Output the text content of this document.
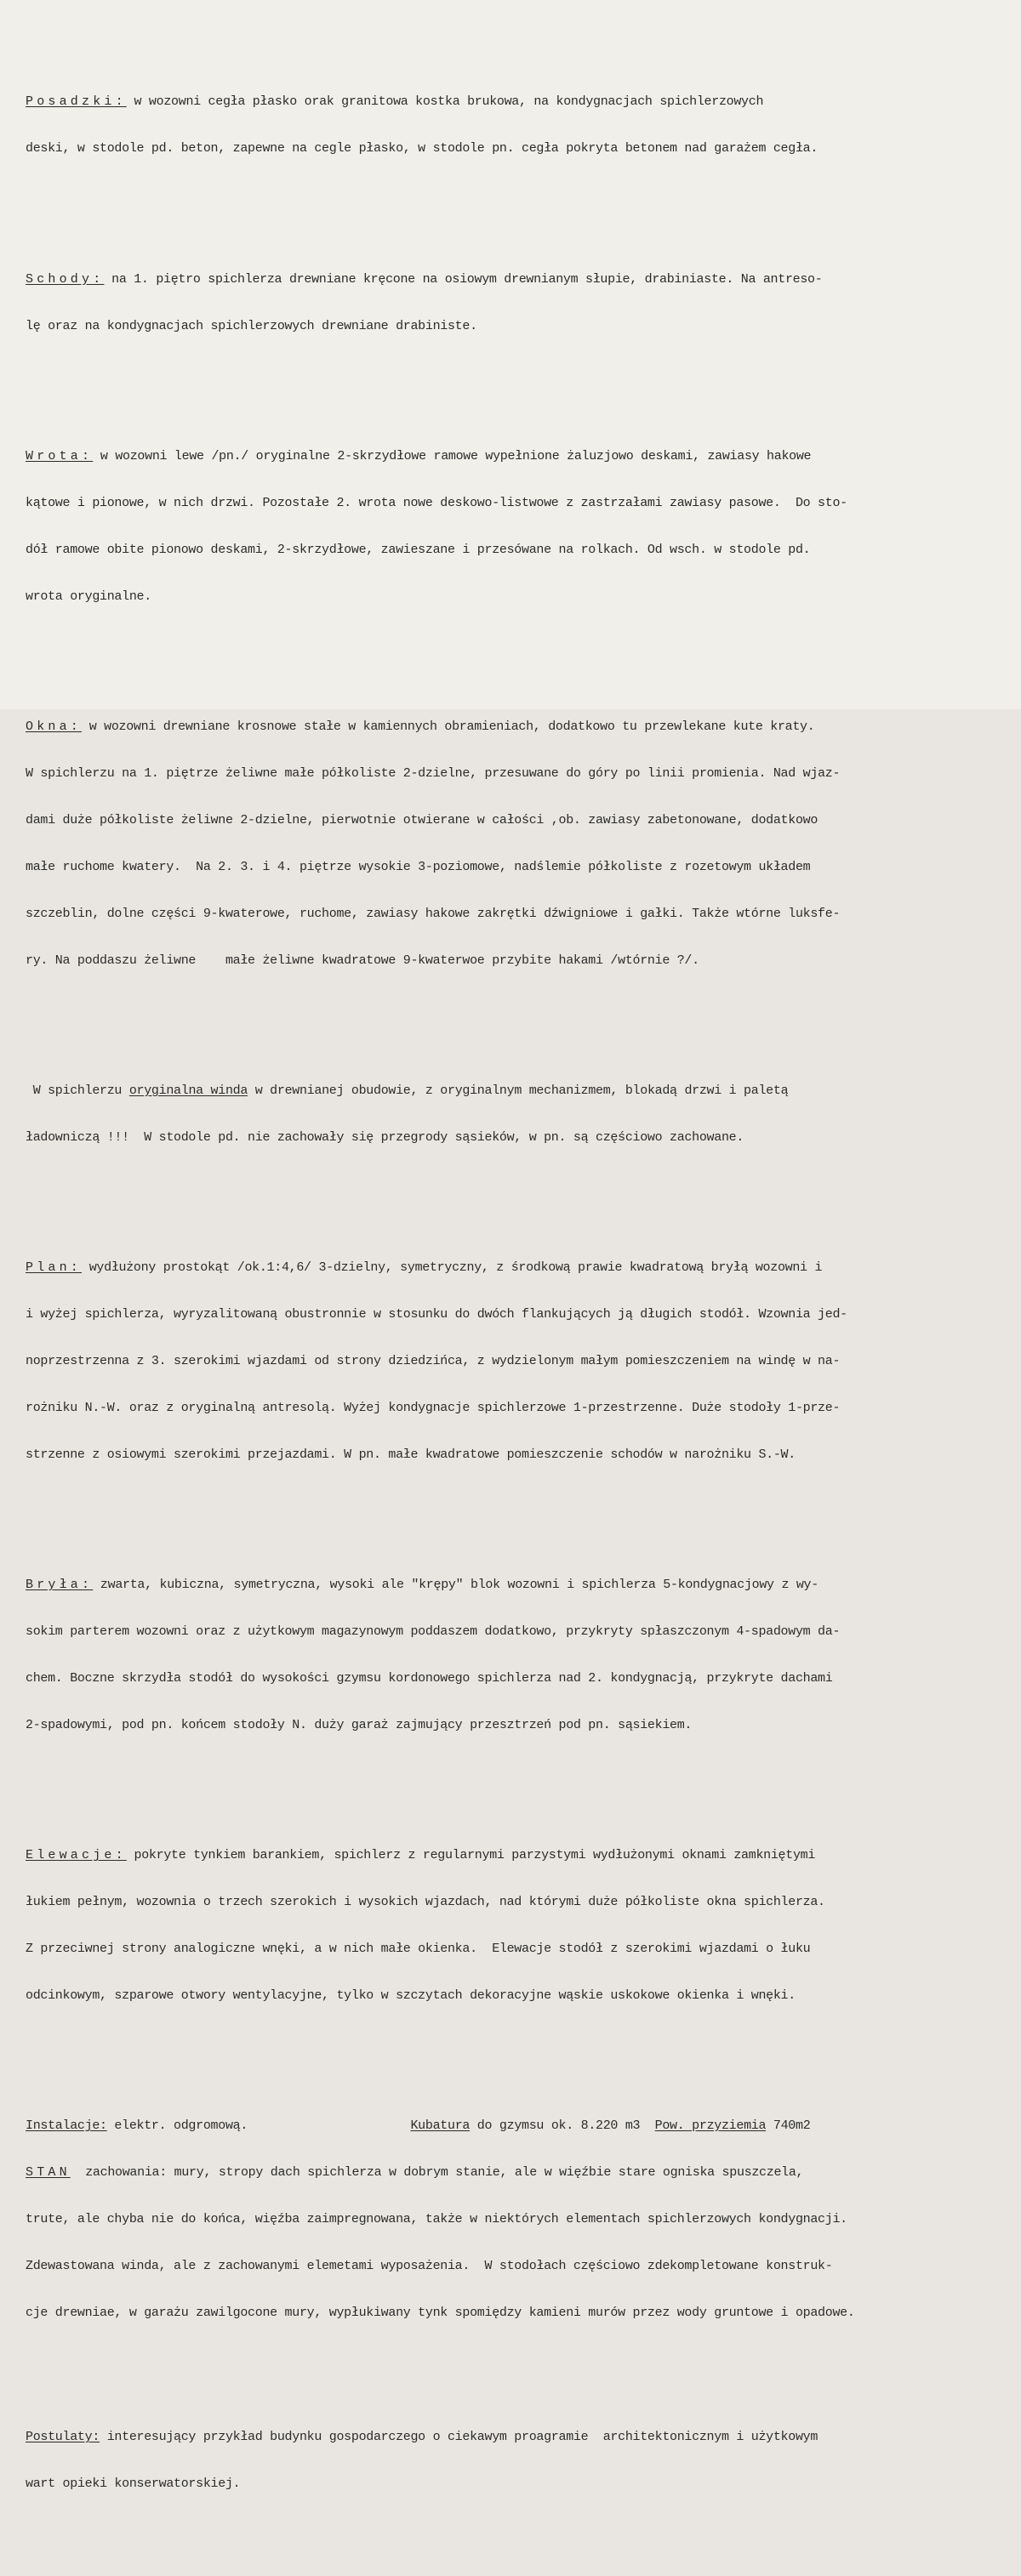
Posadzki: w wozowni cegła płasko orak granitowa kostka brukowa, na kondygnacjach spichlerzowych

deski, w stodole pd. beton, zapewne na cegle płasko, w stodole pn. cegła pokryta betonem nad garażem cegła.

Schody: na 1. piętro spichlerza drewniane kręcone na osiowym drewnianym słupie, drabiniaste. Na antreso-

lę oraz na kondygnacjach spichlerzowych drewniane drabiniste.

Wrota: w wozowni lewe /pn./ oryginalne 2-skrzydłowe ramowe wypełnione żaluzjowo deskami, zawiasy hakowe

kątowe i pionowe, w nich drzwi. Pozostałe 2. wrota nowe deskowo-listwowe z zastrzałami zawiasy pasowe.  Do sto-

dół ramowe obite pionowo deskami, 2-skrzydłowe, zawieszane i przesówane na rolkach. Od wsch. w stodole pd.

wrota oryginalne.

Okna: w wozowni drewniane krosnowe stałe w kamiennych obramieniach, dodatkowo tu przewlekane kute kraty.

W spichlerzu na 1. piętrze żeliwne małe półkoliste 2-dzielne, przesuwane do góry po linii promienia. Nad wjaz-

dami duże półkoliste żeliwne 2-dzielne, pierwotnie otwierane w całości ,ob. zawiasy zabetonowane, dodatkowo

małe ruchome kwatery.  Na 2. 3. i 4. piętrze wysokie 3-poziomowe, nadślemie półkoliste z rozetowym układem

szczeblin, dolne części 9-kwaterowe, ruchome, zawiasy hakowe zakrętki dźwigniowe i gałki. Także wtórne luksfe-

ry. Na poddaszu żeliwne    małe żeliwne kwadratowe 9-kwaterwoe przybite hakami /wtórnie ?/.

W spichlerzu oryginalna winda w drewnianej obudowie, z oryginalnym mechanizmem, blokadą drzwi i paletą

ładowniczą !!!  W stodole pd. nie zachowały się przegrody sąsieków, w pn. są częściowo zachowane.

Plan: wydłużony prostokąt /ok.1:4,6/ 3-dzielny, symetryczny, z środkową prawie kwadratową bryłą wozowni i

i wyżej spichlerza, wyryzalitowaną obustronnie w stosunku do dwóch flankujących ją długich stodół. Wzownia jed-

noprzestrzenna z 3. szerokimi wjazdami od strony dziedzińca, z wydzielonym małym pomieszczeniem na windę w na-

rożniku N.-W. oraz z oryginalną antresolą. Wyżej kondygnacje spichlerzowe 1-przestrzenne. Duże stodoły 1-prze-

strzenne z osiowymi szerokimi przejazdami. W pn. małe kwadratowe pomieszczenie schodów w narożniku S.-W.

Bryła: zwarta, kubiczna, symetryczna, wysoki ale "krępy" blok wozowni i spichlerza 5-kondygnacjowy z wy-

sokim parterem wozowni oraz z użytkowym magazynowym poddaszem dodatkowo, przykryty spłaszczonym 4-spadowym da-

chem. Boczne skrzydła stodół do wysokości gzymsu kordonowego spichlerza nad 2. kondygnacją, przykryte dachami

2-spadowymi, pod pn. końcem stodoły N. duży garaż zajmujący przesztrzeń pod pn. sąsiekiem.

Elewacje: pokryte tynkiem barankiem, spichlerz z regularnymi parzystymi wydłużonymi oknami zamkniętymi

łukiem pełnym, wozownia o trzech szerokich i wysokich wjazdach, nad którymi duże półkoliste okna spichlerza.

Z przeciwnej strony analogiczne wnęki, a w nich małe okienka.  Elewacje stodół z szerokimi wjazdami o łuku

odcinkowym, szparowe otwory wentylacyjne, tylko w szczytach dekoracyjne wąskie uskokowe okienka i wnęki.

Instalacje: elektr. odgromową.	Kubatura do gzymsu ok. 8.220 m3 Pow. przyziemia 740m2

STAN  zachowania: mury, stropy dach spichlerza w dobrym stanie, ale w więźbie stare ogniska spuszczela,

trute, ale chyba nie do końca, więźba zaimpregnowana, także w niektórych elementach spichlerzowych kondygnacji.

Zdewastowana winda, ale z zachowanymi elemetami wyposażenia.  W stodołach częściowo zdekompletowane konstruk-

cje drewniae, w garażu zawilgocone mury, wypłukiwany tynk spomiędzy kamieni murów przez wody gruntowe i opadowe.

Postulaty: interesujący przykład budynku gospodarczego o ciekawym proagramie  architektonicznym i użytkowym

wart opieki konserwatorskiej.
